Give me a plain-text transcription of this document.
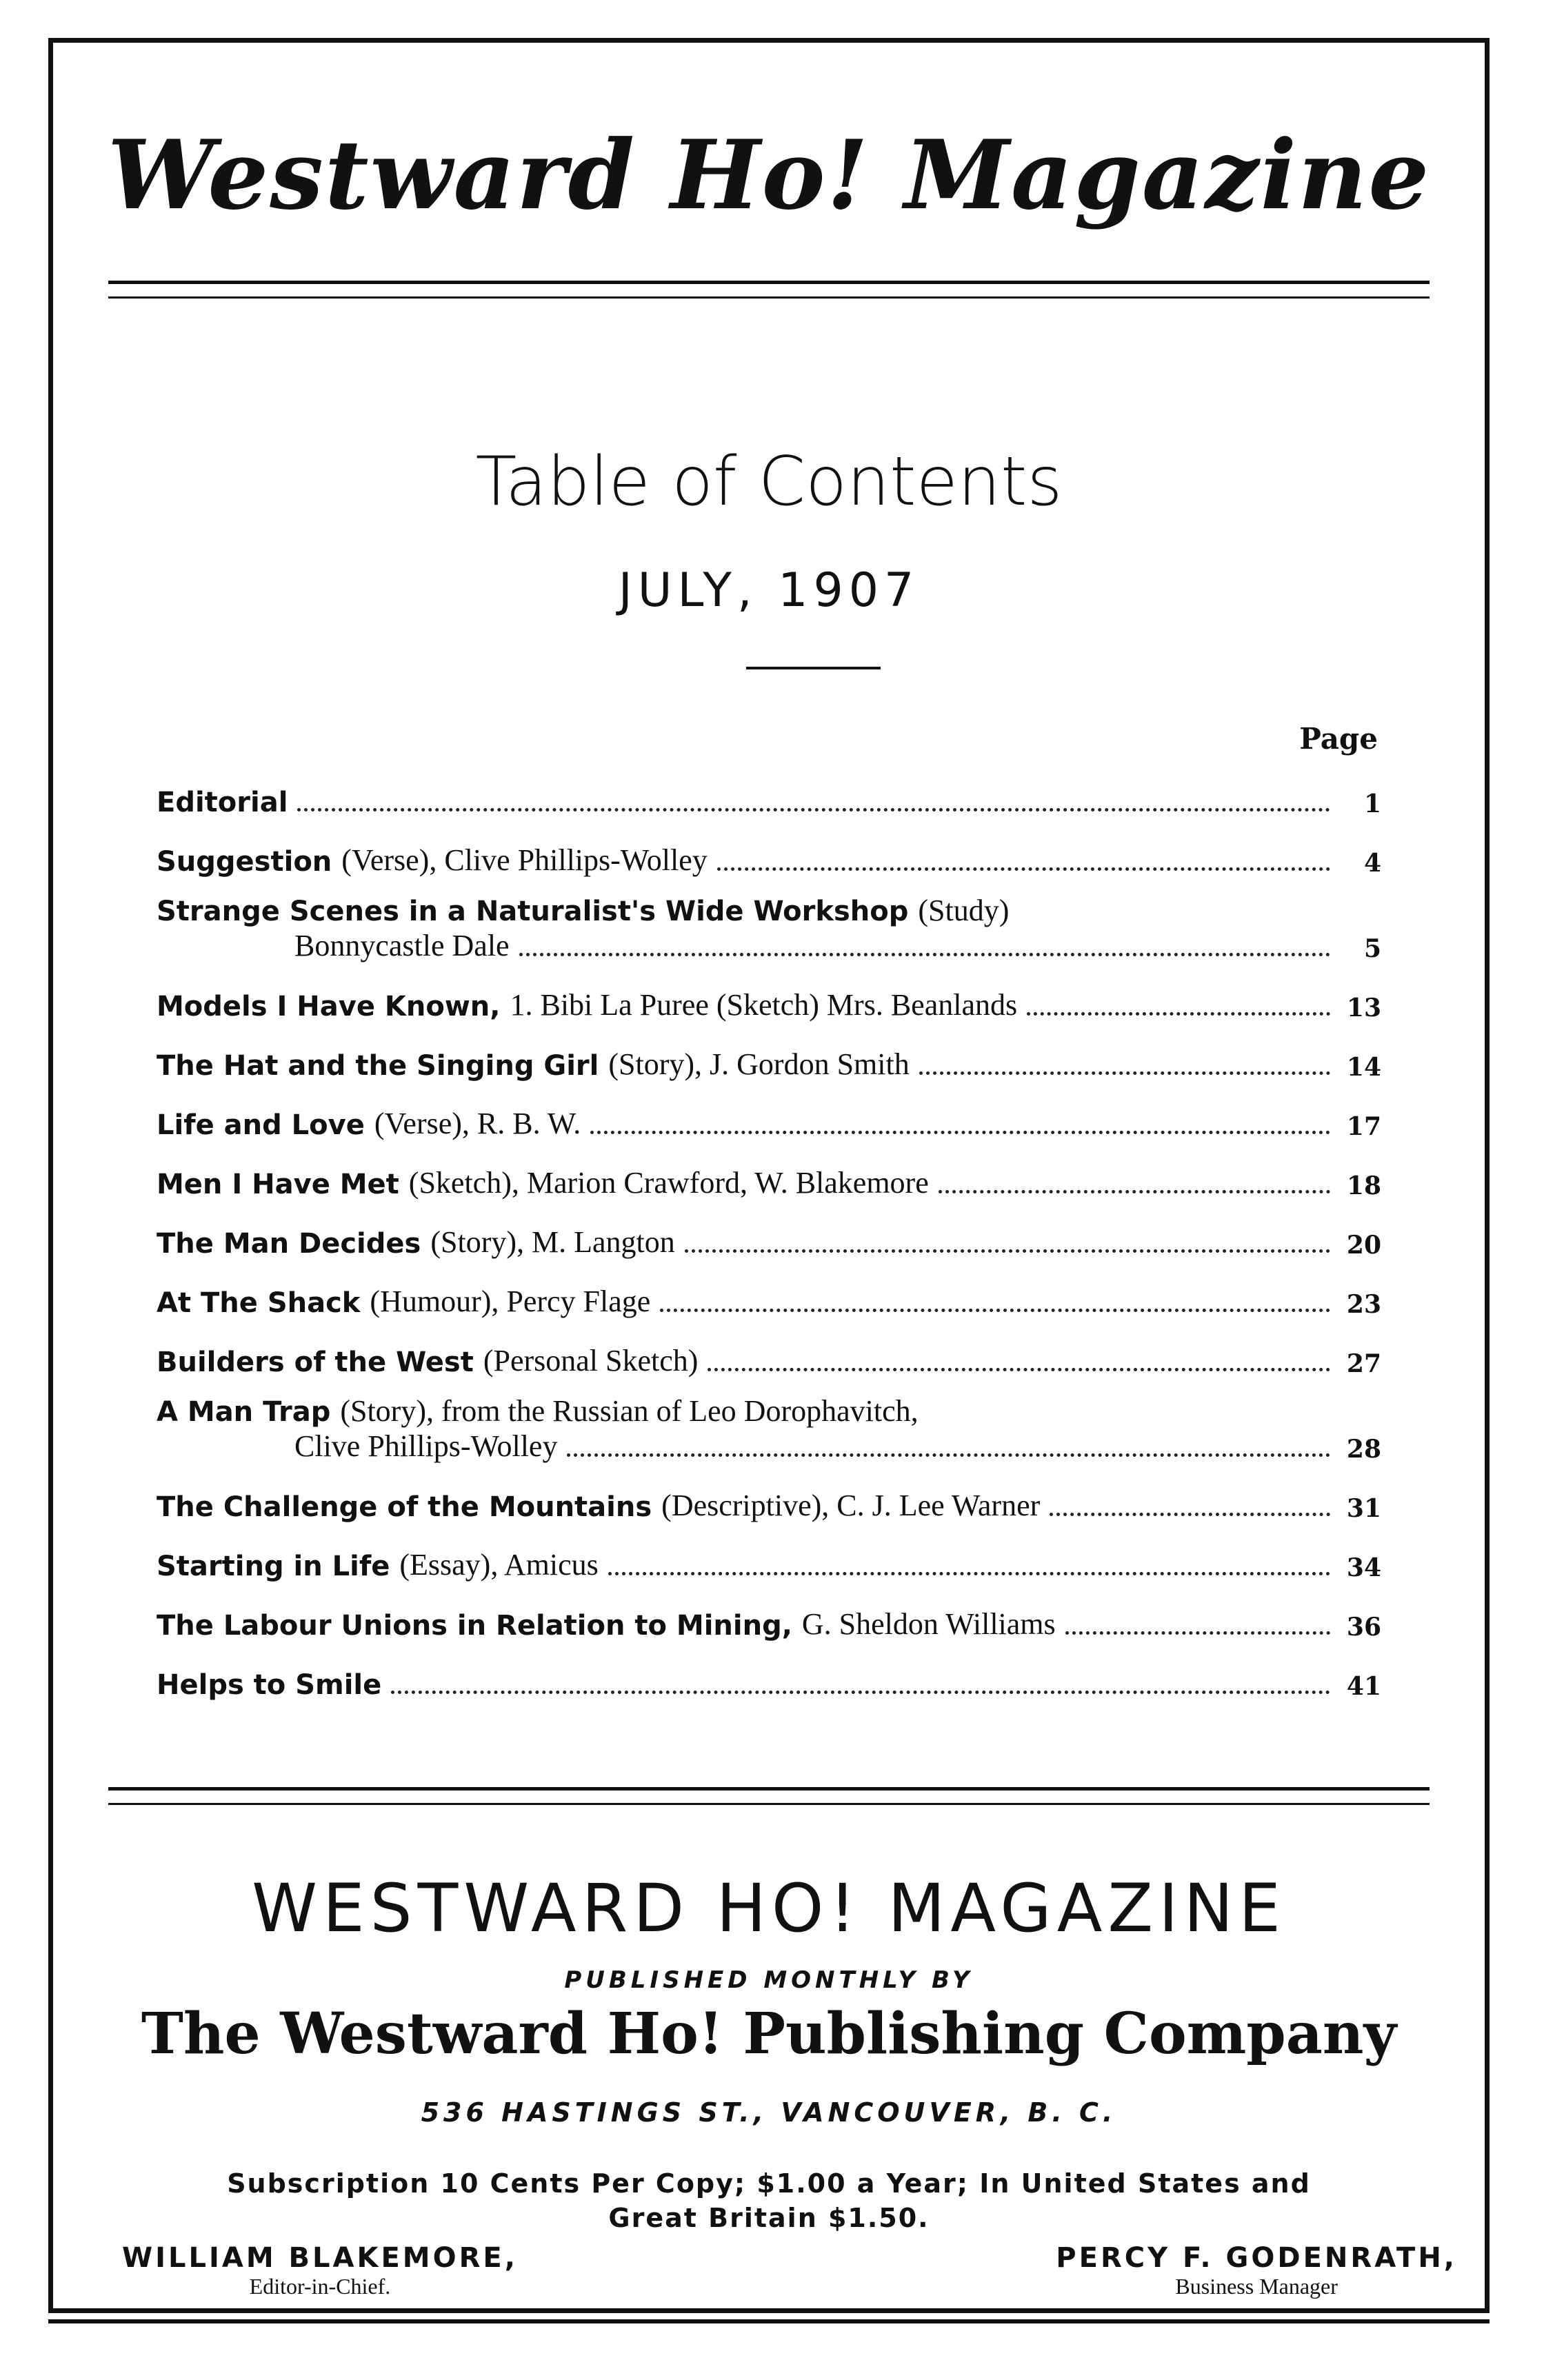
Westward Ho! Magazine
Table of Contents
JULY, 1907
Page
Editorial	1
Suggestion (Verse), Clive Phillips-Wolley	4
Strange Scenes in a Naturalist's Wide Workshop (Study)
Bonnycastle Dale	5
Models I Have Known, 1. Bibi La Puree (Sketch) Mrs. Beanlands	13
The Hat and the Singing Girl (Story), J. Gordon Smith	14
Life and Love (Verse), R. B. W.	17
Men I Have Met (Sketch), Marion Crawford, W. Blakemore	18
The Man Decides (Story), M. Langton	20
At The Shack (Humour), Percy Flage	23
Builders of the West (Personal Sketch)	27
A Man Trap (Story), from the Russian of Leo Dorophavitch,
Clive Phillips-Wolley	28
The Challenge of the Mountains (Descriptive), C. J. Lee Warner	31
Starting in Life (Essay), Amicus	34
The Labour Unions in Relation to Mining, G. Sheldon Williams	36
Helps to Smile	41
WESTWARD HO! MAGAZINE
PUBLISHED MONTHLY BY
The Westward Ho! Publishing Company
536 HASTINGS ST., VANCOUVER, B. C.
Subscription 10 Cents Per Copy; $1.00 a Year; In United States and
Great Britain $1.50.
WILLIAM BLAKEMORE,
Editor-in-Chief.
PERCY F. GODENRATH,
Business Manager
